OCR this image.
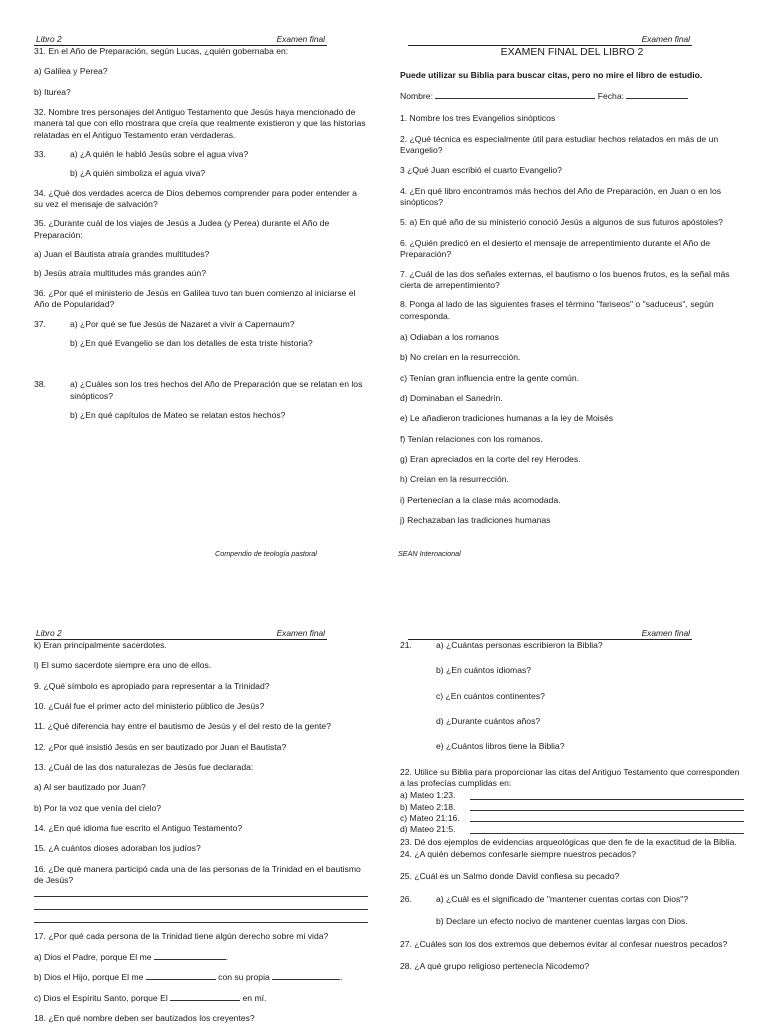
Libro 2	Examen final
31. En el Año de Preparación, según Lucas, ¿quién gobernaba en:
a) Galilea y Perea?
b) Iturea?
32. Nombre tres personajes del Antiguo Testamento que Jesús haya mencionado de manera tal que con ello mostrara que creía que realmente existieron y que las historias relatadas en el Antiguo Testamento eran verdaderas.
33.	a) ¿A quién le habló Jesús sobre el agua viva?
b) ¿A quién simboliza el agua viva?
34. ¿Qué dos verdades acerca de Dios debemos comprender para poder entender a su vez el mensaje de salvación?
35. ¿Durante cuál de los viajes de Jesús a Judea (y Perea) durante el Año de Preparación:
a) Juan el Bautista atraía grandes multitudes?
b) Jesús atraía multitudes más grandes aún?
36. ¿Por qué el ministerio de Jesús en Galilea tuvo tan buen comienzo al iniciarse el Año de Popularidad?
37.	a) ¿Por qué se fue Jesús de Nazaret a vivir a Capernaum?
b) ¿En qué Evangelio se dan los detalles de esta triste historia?
38.	a) ¿Cuáles son los tres hechos del Año de Preparación que se relatan en los sinópticos?
b) ¿En qué capítulos de Mateo se relatan estos hechos?
Compendio de teología pastoral
Examen final
EXAMEN FINAL DEL LIBRO 2
Puede utilizar su Biblia para buscar citas, pero no mire el libro de estudio.
Nombre:	Fecha:
1. Nombre los tres Evangelios sinópticos
2. ¿Qué técnica es especialmente útil para estudiar hechos relatados en más de un Evangelio?
3 ¿Qué Juan escribió el cuarto Evangelio?
4. ¿En qué libro encontramos más hechos del Año de Preparación, en Juan o en los sinópticos?
5. a) En qué año de su ministerio conoció Jesús a algunos de sus futuros apóstoles?
6. ¿Quién predicó en el desierto el mensaje de arrepentimiento durante el Año de Preparación?
7. ¿Cuál de las dos señales externas, el bautismo o los buenos frutos, es la señal más cierta de arrepentimiento?
8. Ponga al lado de las siguientes frases el término "fariseos" o "saduceus", según corresponda.
a) Odiaban a los romanos
b) No creían en la resurrección.
c) Tenían gran influencia entre la gente común.
d) Dominaban el Sanedrín.
e) Le añadieron tradiciones humanas a la ley de Moisés
f) Tenían relaciones con los romanos.
g) Eran apreciados en la corte del rey Herodes.
h) Creían en la resurrección.
i) Pertenecían a la clase más acomodada.
j) Rechazaban las tradiciones humanas
SEAN Internacional
Libro 2	Examen final
k) Eran principalmente sacerdotes.
l) El sumo sacerdote siempre era uno de ellos.
9. ¿Qué símbolo es apropiado para representar a la Trinidad?
10. ¿Cuál fue el primer acto del ministerio público de Jesús?
11. ¿Qué diferencia hay entre el bautismo de Jesús y el del resto de la gente?
12. ¿Por qué insistió Jesús en ser bautizado por Juan el Bautista?
13. ¿Cuál de las dos naturalezas de Jesús fue declarada:
a) Al ser bautizado por Juan?
b) Por la voz que venía del cielo?
14. ¿En qué idioma fue escrito el Antiguo Testamento?
15. ¿A cuántos dioses adoraban los judíos?
16. ¿De qué manera participó cada una de las personas de la Trinidad en el bautismo de Jesús?
17. ¿Por qué cada persona de la Trinidad tiene algún derecho sobre mi vida?
a) Dios el Padre, porque El me	.
b) Dios el Hijo, porque El me	con su propia	.
c) Dios el Espíritu Santo, porque El	en mí.
18. ¿En qué nombre deben ser bautizados los creyentes?
Examen final
21.	a) ¿Cuántas personas escribieron la Biblia?
b) ¿En cuántos idiomas?
c) ¿En cuántos continentes?
d) ¿Durante cuántos años?
e) ¿Cuántos libros tiene la Biblia?
22. Utilice su Biblia para proporcionar las citas del Antiguo Testamento que corresponden a las profecías cumplidas en:
a) Mateo 1:23.
b) Mateo 2:18.
c) Mateo 21:16.
d) Mateo 21:5.
23. Dé dos ejemplos de evidencias arqueológicas que den fe de la exactitud de la Biblia.
24. ¿A quién debemos confesarle siempre nuestros pecados?
25. ¿Cuál es un Salmo donde David confiesa su pecado?
26.	a) ¿Cuál es el significado de "mantener cuentas cortas con Dios"?
b) Declare un efecto nocivo de mantener cuentas largas con Dios.
27. ¿Cuáles son los dos extremos que debemos evitar al confesar nuestros pecados?
28. ¿A qué grupo religioso pertenecía Nicodemo?
